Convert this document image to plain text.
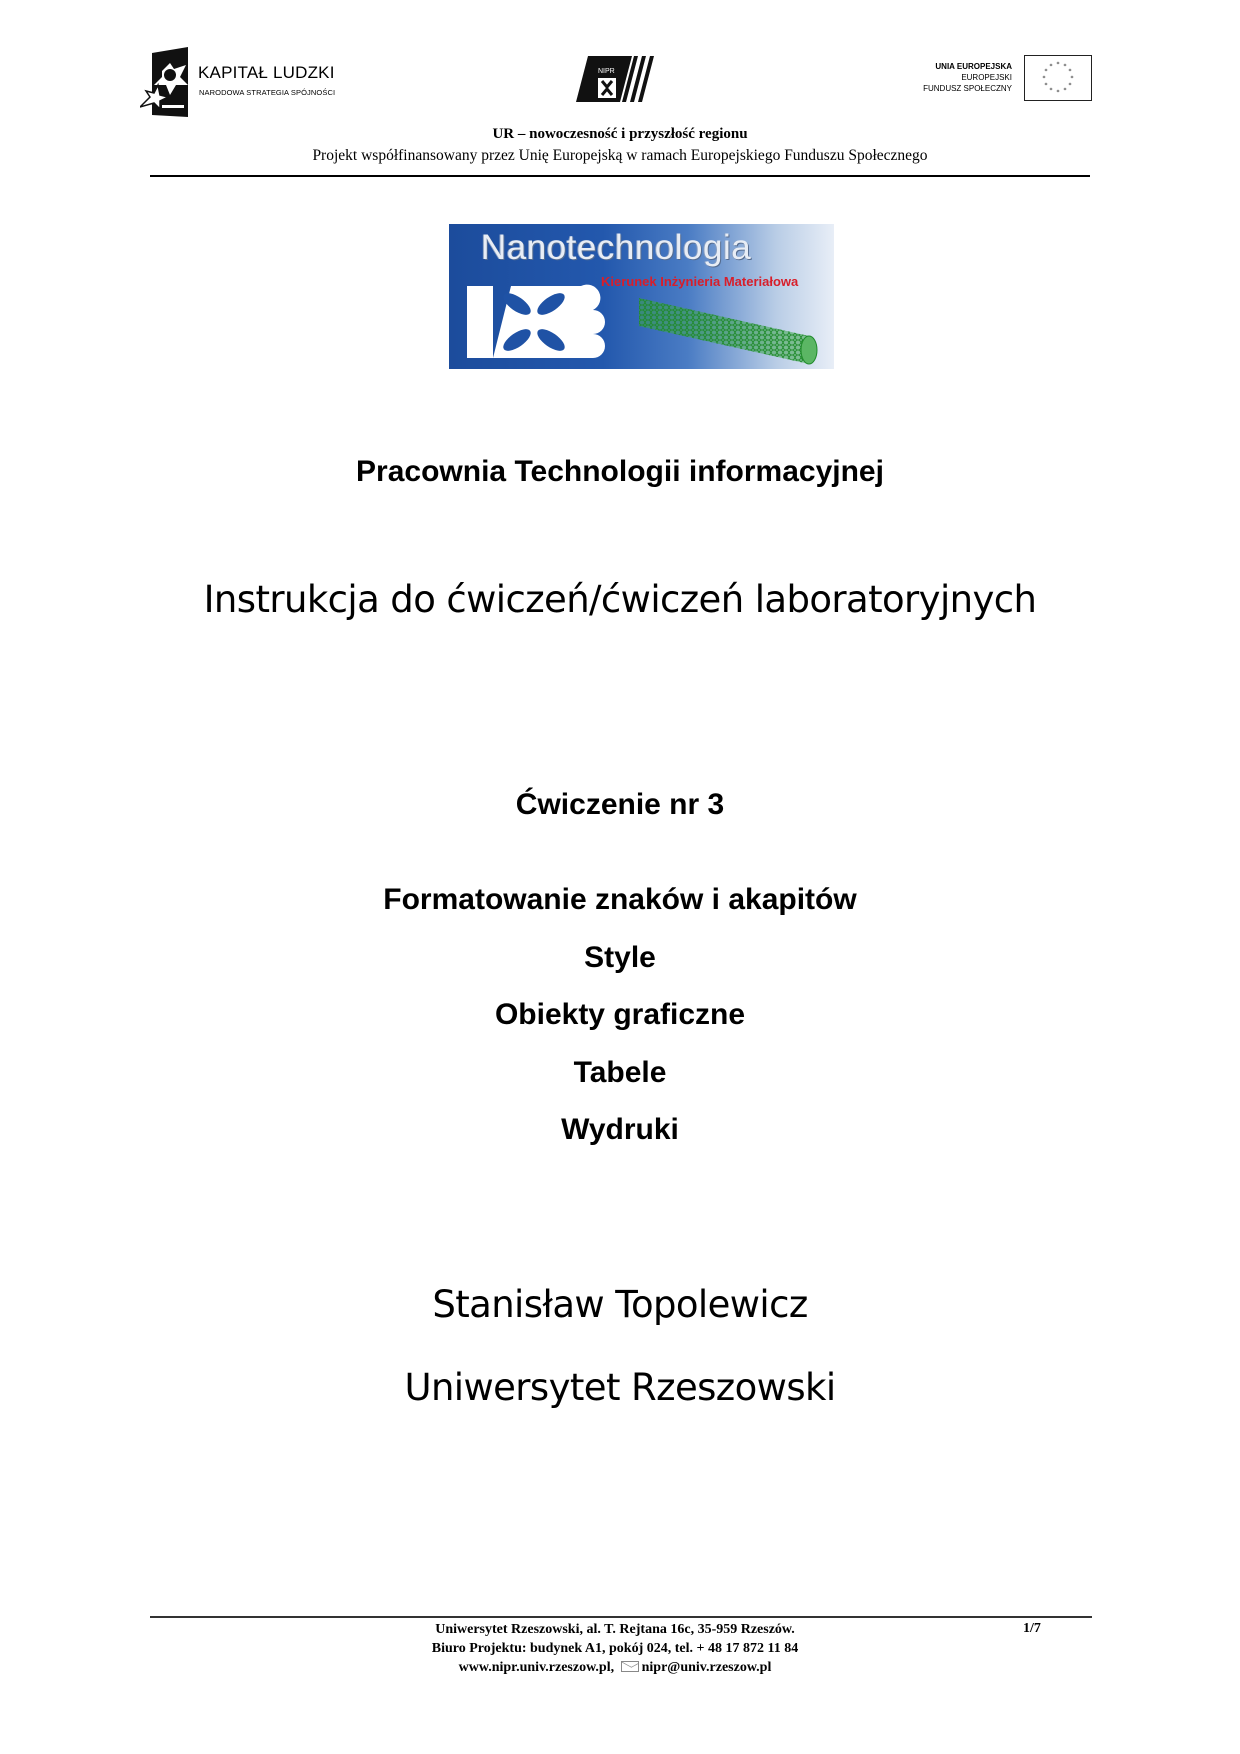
KAPITAŁ LUDZKI
NARODOWA STRATEGIA SPÓJNOŚCI
NIPR
UNIA EUROPEJSKA
EUROPEJSKI
FUNDUSZ SPOŁECZNY
* *
*
*
*
*
*
*
*
*
*
*
UR – nowoczesność i przyszłość regionu
Projekt współfinansowany przez Unię Europejską w ramach Europejskiego Funduszu Społecznego
Nanotechnologia
Kierunek Inżynieria Materiałowa
Pracownia Technologii informacyjnej
Instrukcja do ćwiczeń/ćwiczeń laboratoryjnych
Ćwiczenie nr 3
Formatowanie znaków i akapitów
Style
Obiekty graficzne
Tabele
Wydruki
Stanisław Topolewicz
Uniwersytet Rzeszowski
Uniwersytet Rzeszowski, al. T. Rejtana 16c, 35-959 Rzeszów.	1/7
Biuro Projektu: budynek A1, pokój 024, tel. + 48 17 872 11 84
www.nipr.univ.rzeszow.pl, nipr@univ.rzeszow.pl
